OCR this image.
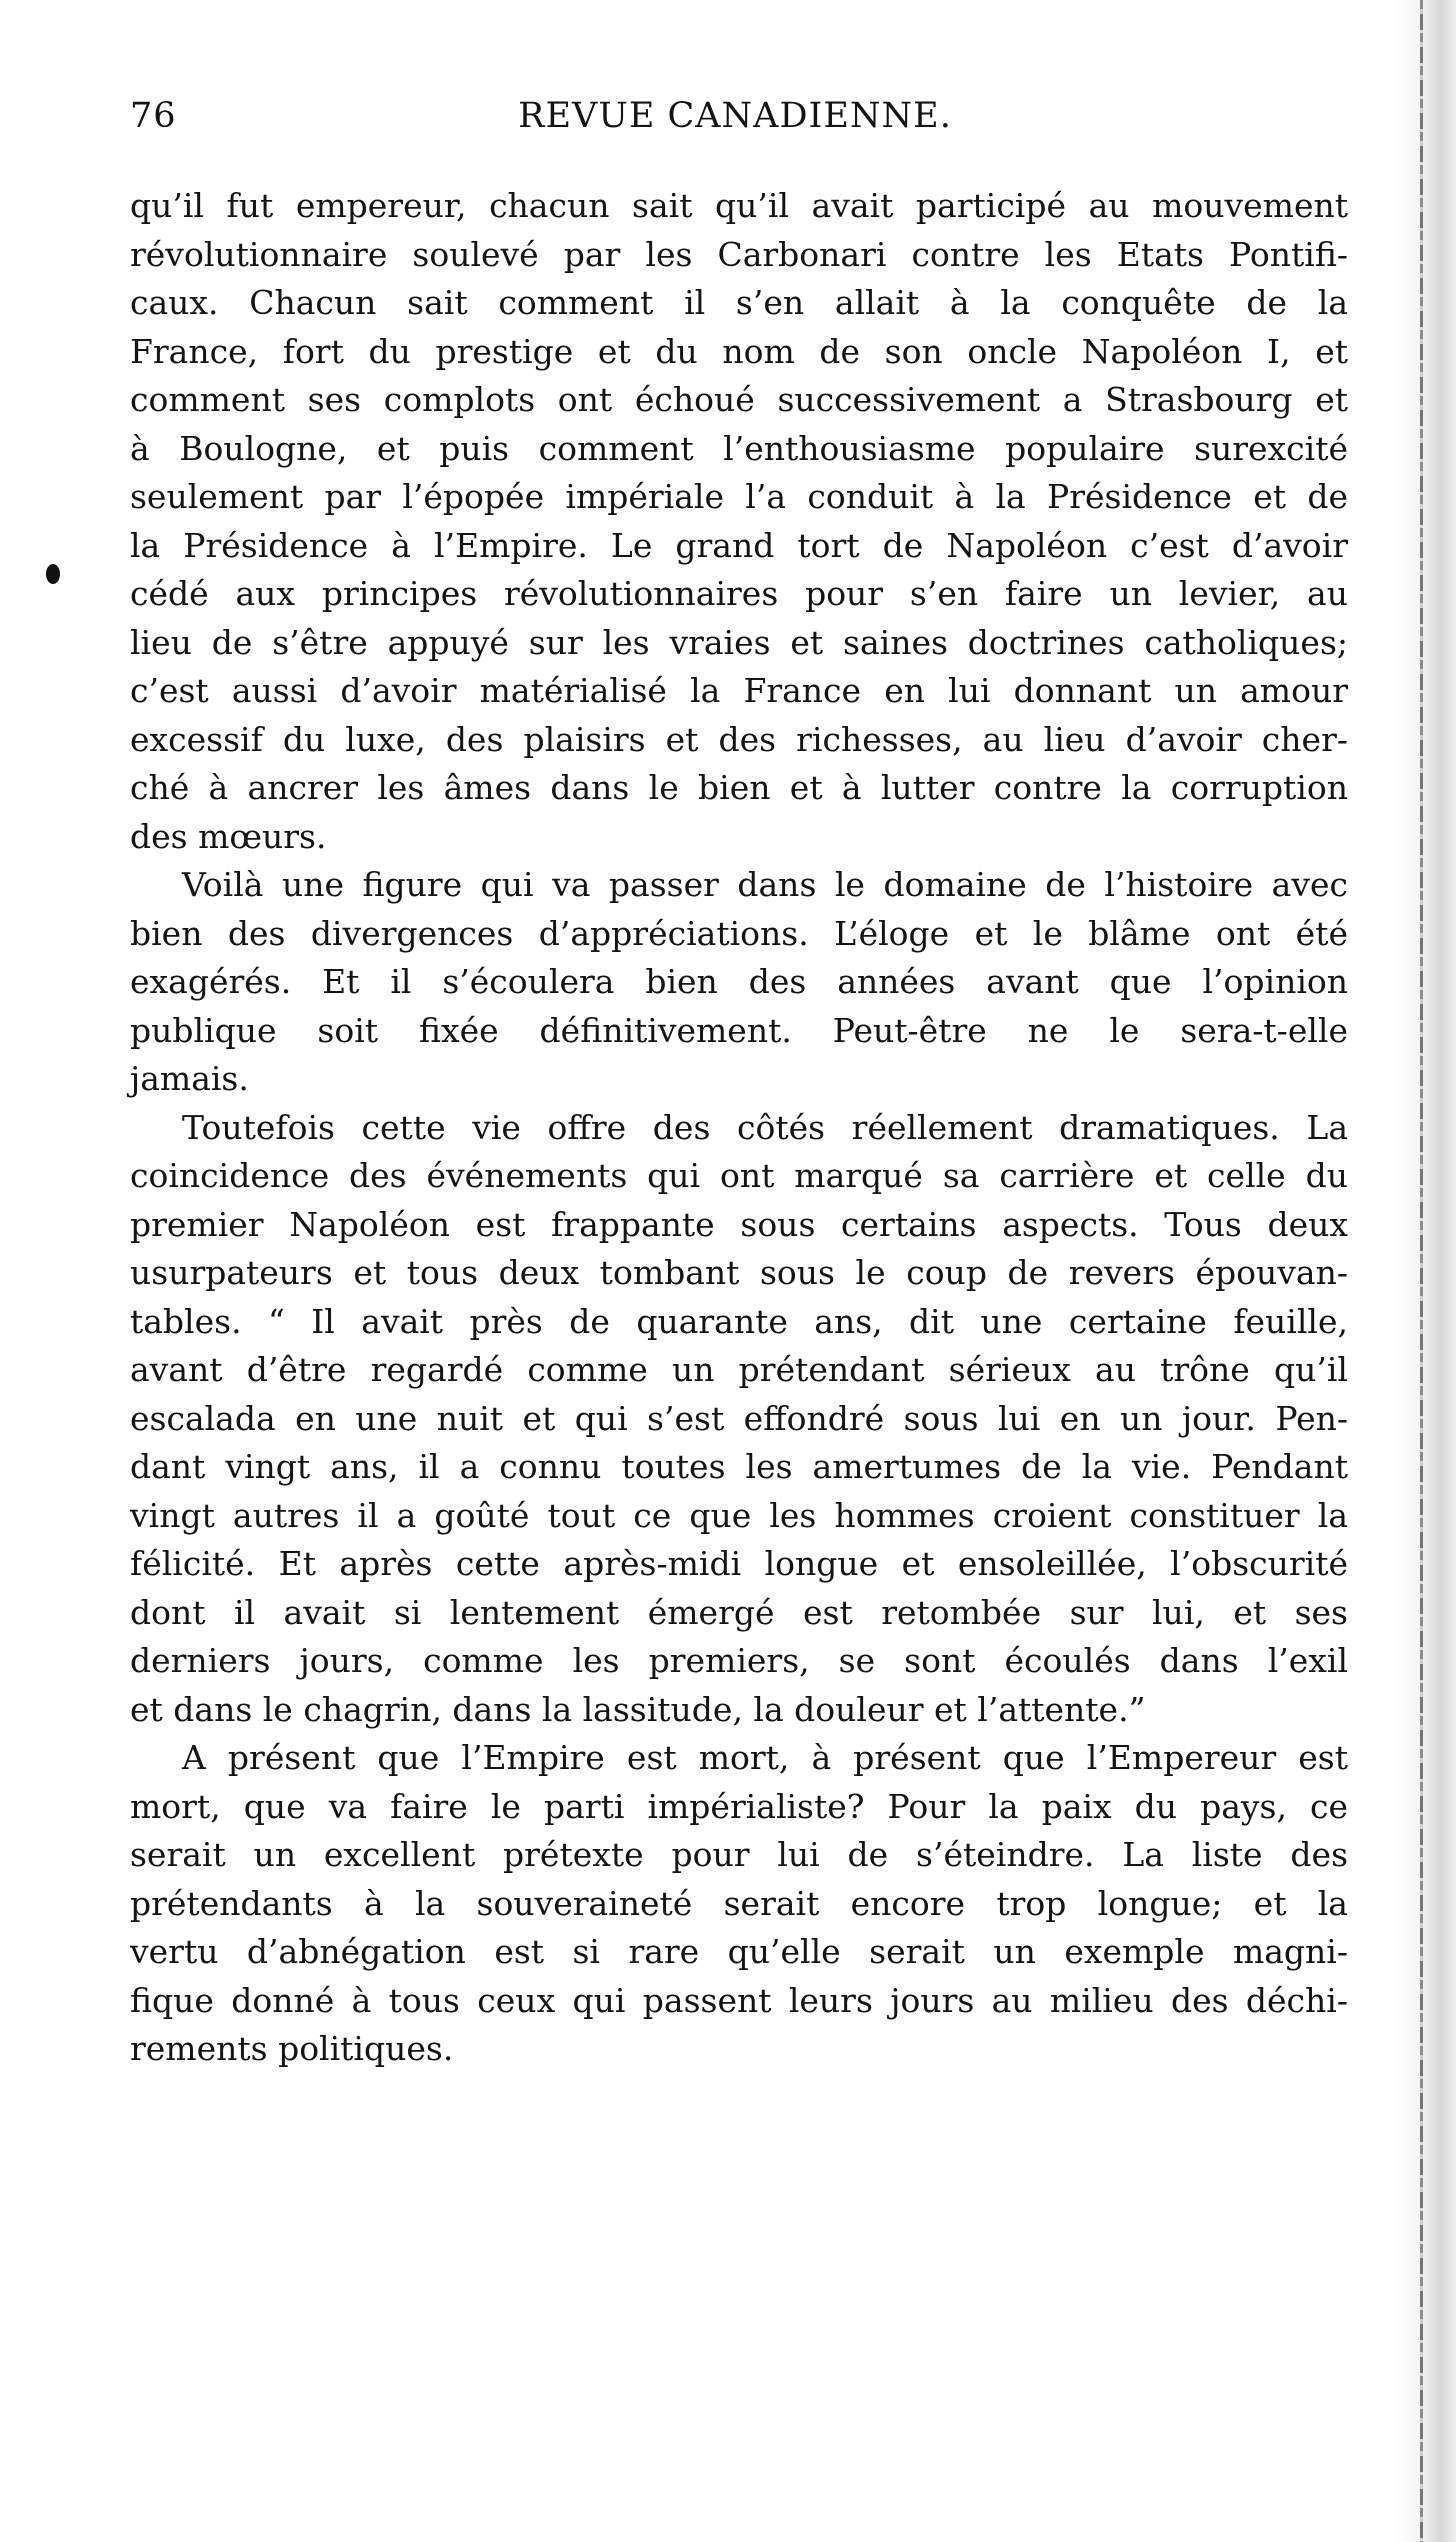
76	REVUE CANADIENNE.
qu’il fut empereur, chacun sait qu’il avait participé au mouvement
révolutionnaire soulevé par les Carbonari contre les Etats Pontifi-
caux. Chacun sait comment il s’en allait à la conquête de la
France, fort du prestige et du nom de son oncle Napoléon I, et
comment ses complots ont échoué successivement a Strasbourg et
à Boulogne, et puis comment l’enthousiasme populaire surexcité
seulement par l’épopée impériale l’a conduit à la Présidence et de
la Présidence à l’Empire. Le grand tort de Napoléon c’est d’avoir
cédé aux principes révolutionnaires pour s’en faire un levier, au
lieu de s’être appuyé sur les vraies et saines doctrines catholiques;
c’est aussi d’avoir matérialisé la France en lui donnant un amour
excessif du luxe, des plaisirs et des richesses, au lieu d’avoir cher-
ché à ancrer les âmes dans le bien et à lutter contre la corruption
des mœurs.
Voilà une figure qui va passer dans le domaine de l’histoire avec
bien des divergences d’appréciations. L’éloge et le blâme ont été
exagérés. Et il s’écoulera bien des années avant que l’opinion
publique soit fixée définitivement. Peut-être ne le sera-t-elle
jamais.
Toutefois cette vie offre des côtés réellement dramatiques. La
coincidence des événements qui ont marqué sa carrière et celle du
premier Napoléon est frappante sous certains aspects. Tous deux
usurpateurs et tous deux tombant sous le coup de revers épouvan-
tables. “ Il avait près de quarante ans, dit une certaine feuille,
avant d’être regardé comme un prétendant sérieux au trône qu’il
escalada en une nuit et qui s’est effondré sous lui en un jour. Pen-
dant vingt ans, il a connu toutes les amertumes de la vie. Pendant
vingt autres il a goûté tout ce que les hommes croient constituer la
félicité. Et après cette après-midi longue et ensoleillée, l’obscurité
dont il avait si lentement émergé est retombée sur lui, et ses
derniers jours, comme les premiers, se sont écoulés dans l’exil
et dans le chagrin, dans la lassitude, la douleur et l’attente.”
A présent que l’Empire est mort, à présent que l’Empereur est
mort, que va faire le parti impérialiste? Pour la paix du pays, ce
serait un excellent prétexte pour lui de s’éteindre. La liste des
prétendants à la souveraineté serait encore trop longue; et la
vertu d’abnégation est si rare qu’elle serait un exemple magni-
fique donné à tous ceux qui passent leurs jours au milieu des déchi-
rements politiques.
